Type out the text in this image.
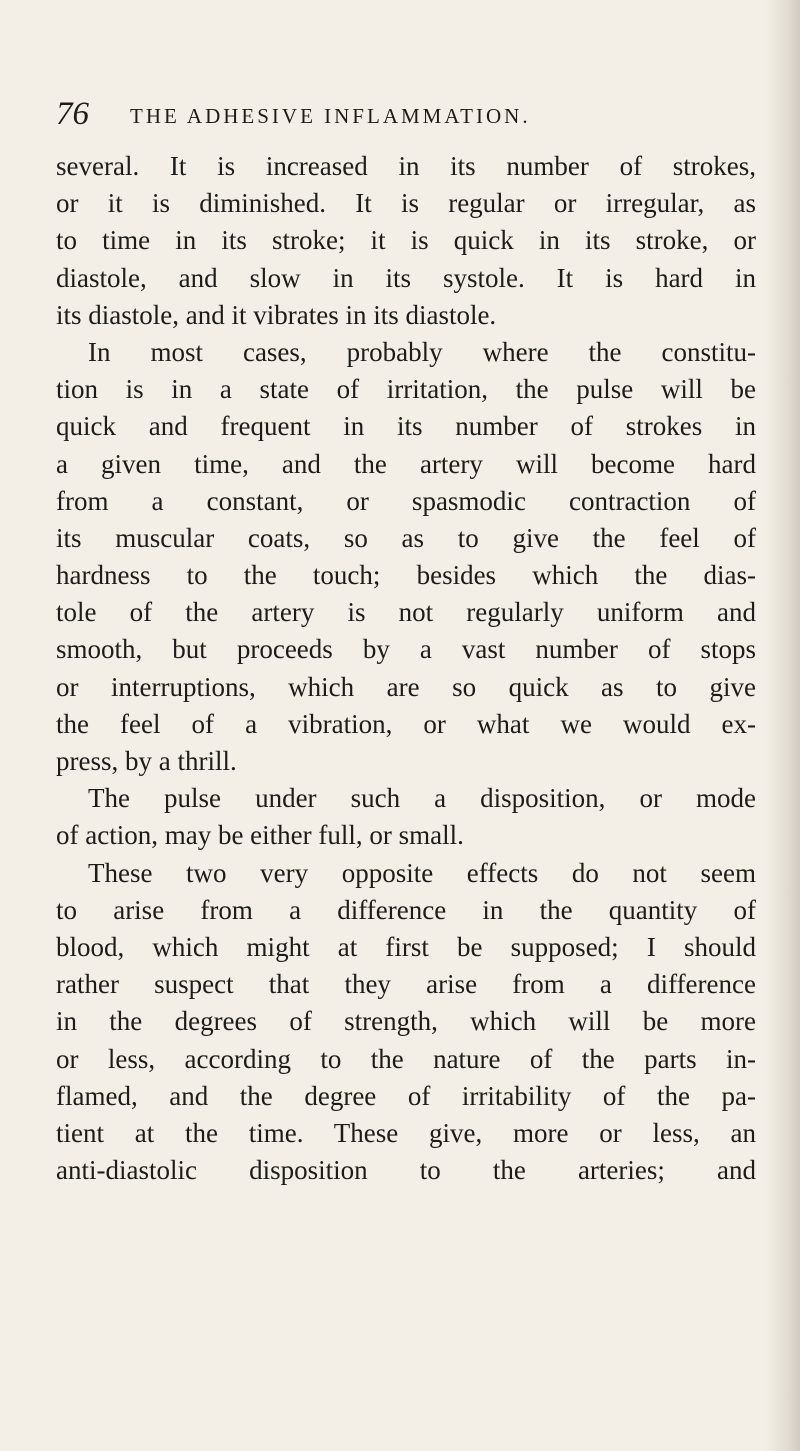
76 THE ADHESIVE INFLAMMATION.
several. It is increased in its number of strokes,
or it is diminished. It is regular or irregular, as
to time in its stroke; it is quick in its stroke, or
diastole, and slow in its systole. It is hard in
its diastole, and it vibrates in its diastole.
In most cases, probably where the constitu-
tion is in a state of irritation, the pulse will be
quick and frequent in its number of strokes in
a given time, and the artery will become hard
from a constant, or spasmodic contraction of
its muscular coats, so as to give the feel of
hardness to the touch; besides which the dias-
tole of the artery is not regularly uniform and
smooth, but proceeds by a vast number of stops
or interruptions, which are so quick as to give
the feel of a vibration, or what we would ex-
press, by a thrill.
The pulse under such a disposition, or mode
of action, may be either full, or small.
These two very opposite effects do not seem
to arise from a difference in the quantity of
blood, which might at first be supposed; I should
rather suspect that they arise from a difference
in the degrees of strength, which will be more
or less, according to the nature of the parts in-
flamed, and the degree of irritability of the pa-
tient at the time. These give, more or less, an
anti-diastolic disposition to the arteries; and
